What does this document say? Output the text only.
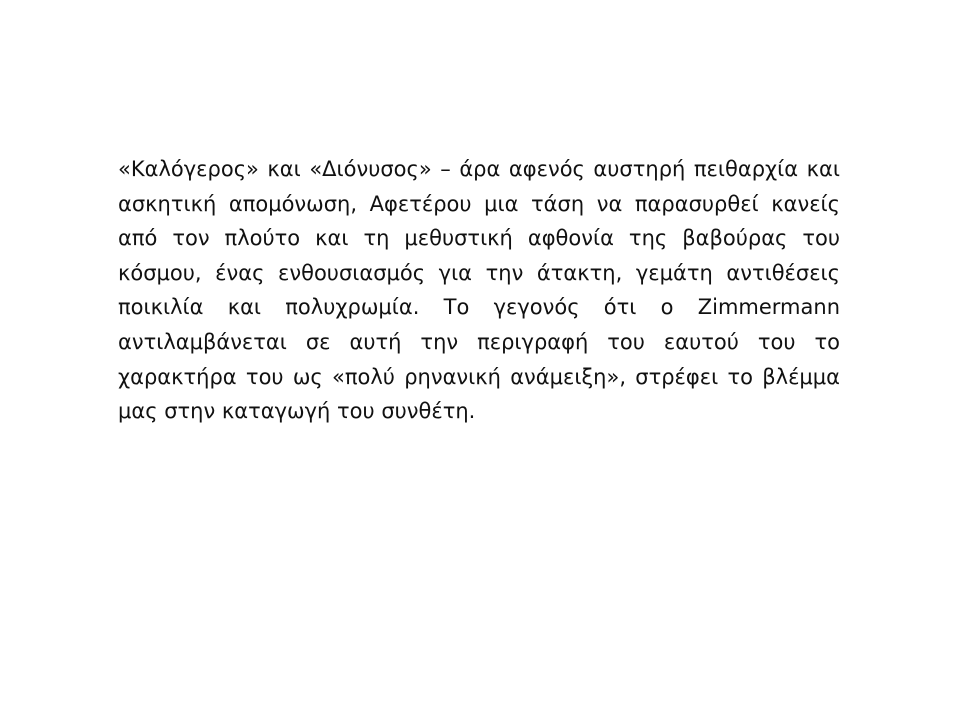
«Καλόγερος» και «Διόνυσος» – άρα αφενός αυστηρή πειθαρχία και
ασκητική απομόνωση, Αφετέρου μια τάση να παρασυρθεί κανείς
από τον πλούτο και τη μεθυστική αφθονία της βαβούρας του
κόσμου, ένας ενθουσιασμός για την άτακτη, γεμάτη αντιθέσεις
ποικιλία και πολυχρωμία. Το γεγονός ότι ο Zimmermann
αντιλαμβάνεται σε αυτή την περιγραφή του εαυτού του το
χαρακτήρα του ως «πολύ ρηνανική ανάμειξη», στρέφει το βλέμμα
μας στην καταγωγή του συνθέτη.
